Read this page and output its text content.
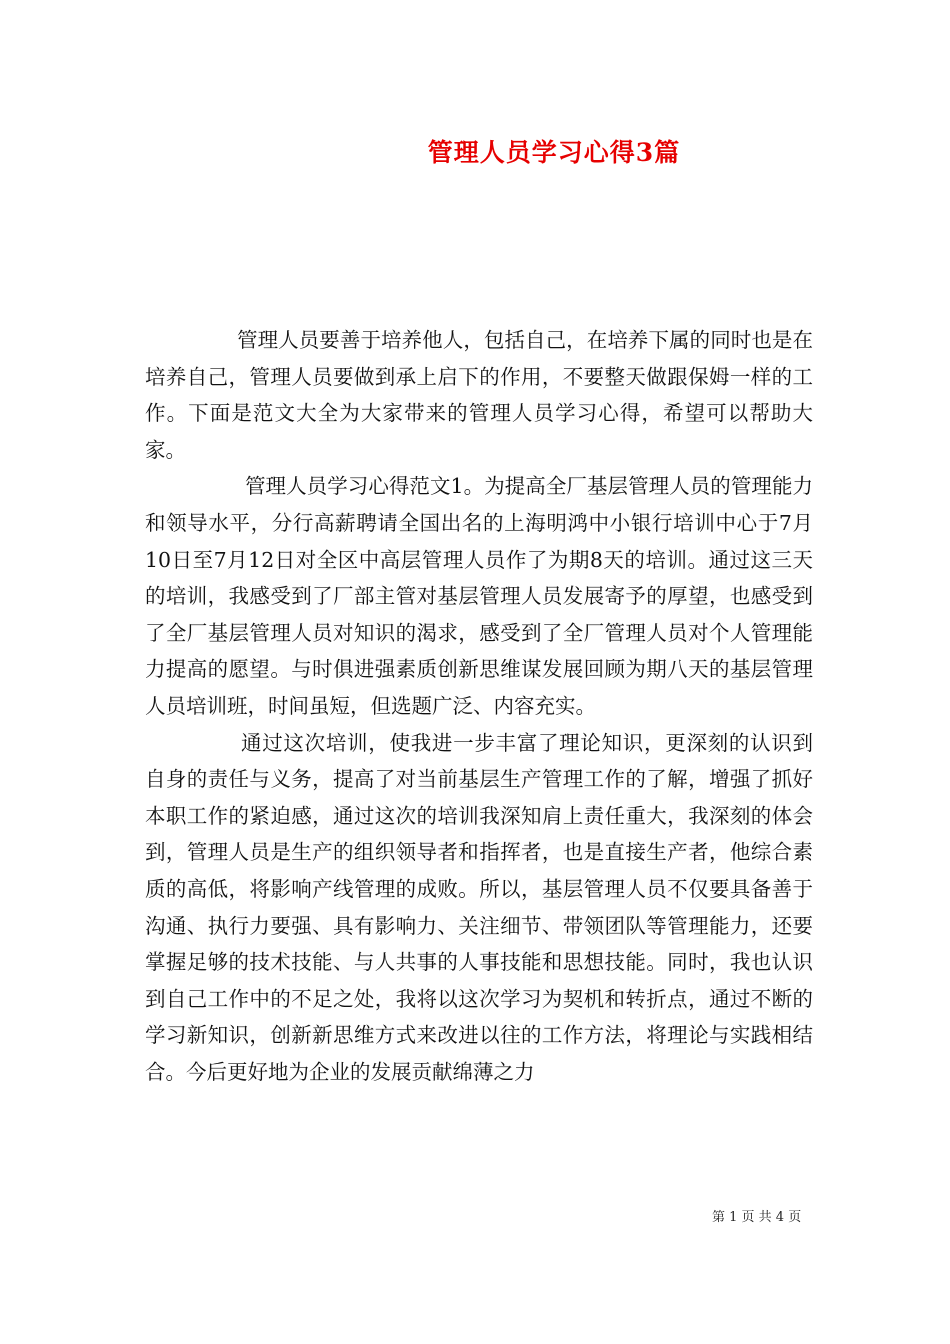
管理人员学习心得3篇

管理人员要善于培养他人，包括自己，在培养下属的同时也是在培养自己，管理人员要做到承上启下的作用，不要整天做跟保姆一样的工作。下面是范文大全为大家带来的管理人员学习心得，希望可以帮助大家。

管理人员学习心得范文1。为提高全厂基层管理人员的管理能力和领导水平，分行高薪聘请全国出名的上海明鸿中小银行培训中心于7月10日至7月12日对全区中高层管理人员作了为期8天的培训。通过这三天的培训，我感受到了厂部主管对基层管理人员发展寄予的厚望，也感受到了全厂基层管理人员对知识的渴求，感受到了全厂管理人员对个人管理能力提高的愿望。与时俱进强素质创新思维谋发展回顾为期八天的基层管理人员培训班，时间虽短，但选题广泛、内容充实。

通过这次培训，使我进一步丰富了理论知识，更深刻的认识到自身的责任与义务，提高了对当前基层生产管理工作的了解，增强了抓好本职工作的紧迫感，通过这次的培训我深知肩上责任重大，我深刻的体会到，管理人员是生产的组织领导者和指挥者，也是直接生产者，他综合素质的高低，将影响产线管理的成败。所以，基层管理人员不仅要具备善于沟通、执行力要强、具有影响力、关注细节、带领团队等管理能力，还要掌握足够的技术技能、与人共事的人事技能和思想技能。同时，我也认识到自己工作中的不足之处，我将以这次学习为契机和转折点，通过不断的学习新知识，创新新思维方式来改进以往的工作方法，将理论与实践相结合。今后更好地为企业的发展贡献绵薄之力

第 1 页 共 4 页
